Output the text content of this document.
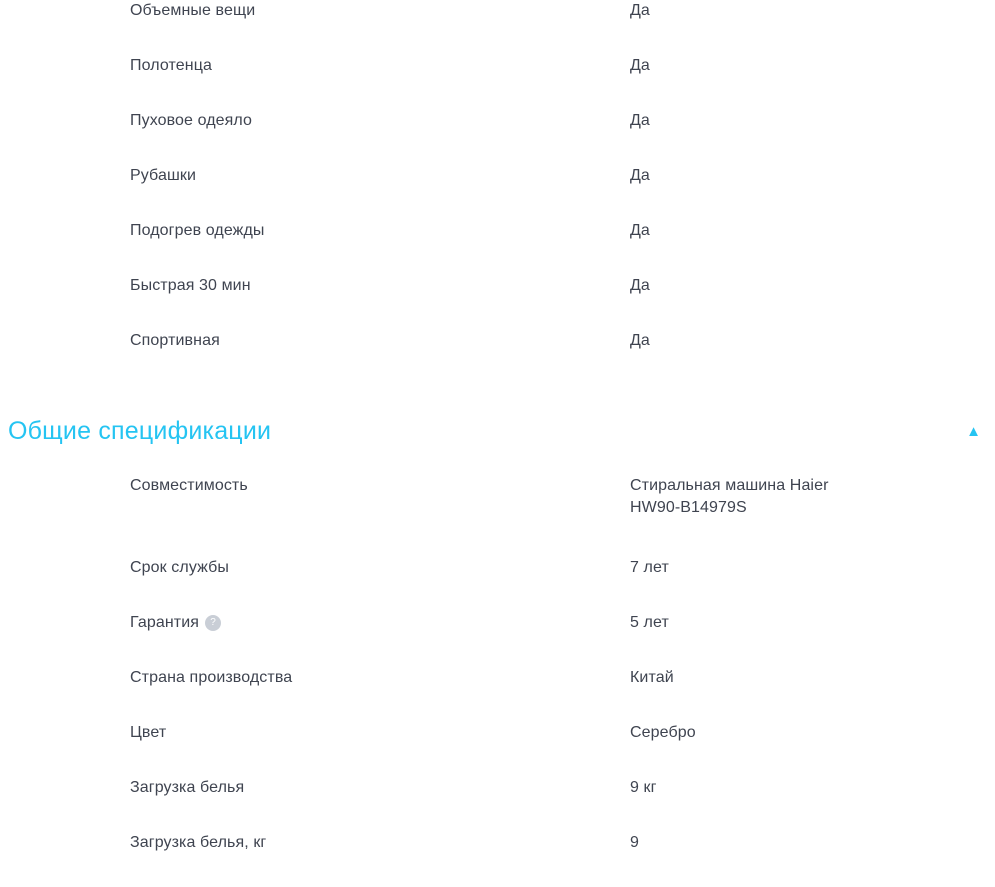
Объемные вещи	Да
Полотенца	Да
Пуховое одеяло	Да
Рубашки	Да
Подогрев одежды	Да
Быстрая 30 мин	Да
Спортивная	Да
Общие спецификации	▲
Совместимость	Стиральная машина Haier HW90-B14979S
Срок службы	7 лет
Гарантия ?	5 лет
Страна производства	Китай
Цвет	Серебро
Загрузка белья	9 кг
Загрузка белья, кг	9
